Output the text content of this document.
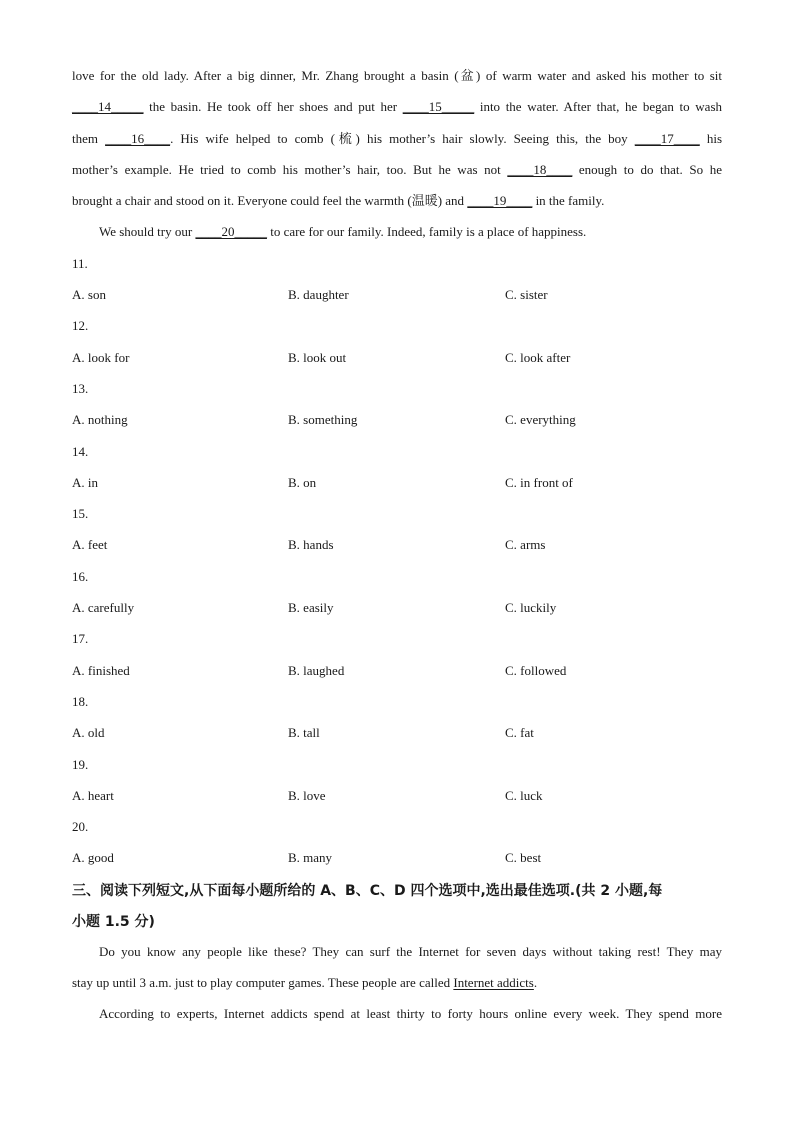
love for the old lady. After a big dinner, Mr. Zhang brought a basin (盆) of warm water and asked his mother to sit
____14_____ the basin. He took off her shoes and put her ____15_____ into the water. After that, he began to wash
them ____16____. His wife helped to comb (梳) his mother’s hair slowly. Seeing this, the boy ____17____ his
mother’s example. He tried to comb his mother’s hair, too. But he was not ____18____ enough to do that. So he
brought a chair and stood on it. Everyone could feel the warmth (温暖) and ____19____ in the family.
We should try our ____20_____ to care for our family. Indeed, family is a place of happiness.
11.
A. son	B. daughter	C. sister
12.
A. look for	B. look out	C. look after
13.
A. nothing	B. something	C. everything
14.
A. in	B. on	C. in front of
15.
A. feet	B. hands	C. arms
16.
A. carefully	B. easily	C. luckily
17.
A. finished	B. laughed	C. followed
18.
A. old	B. tall	C. fat
19.
A. heart	B. love	C. luck
20.
A. good	B. many	C. best
三、阅读下列短文,从下面每小题所给的 A、B、C、D 四个选项中,选出最佳选项.(共 2 小题,每
小题 1.5 分)
Do you know any people like these? They can surf the Internet for seven days without taking rest! They may
stay up until 3 a.m. just to play computer games. These people are called Internet addicts.
According to experts, Internet addicts spend at least thirty to forty hours online every week. They spend more
